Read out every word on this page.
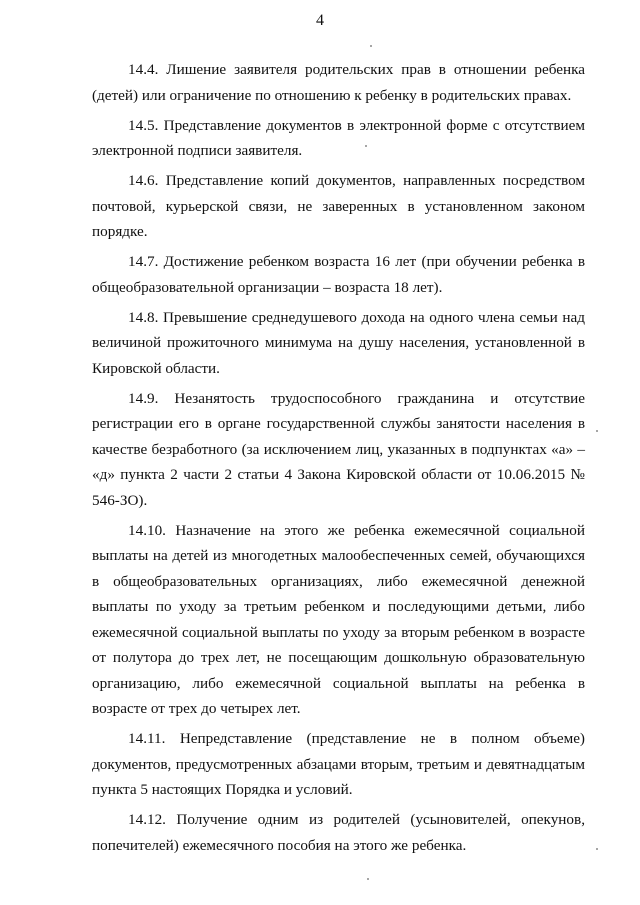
4

14.4. Лишение заявителя родительских прав в отношении ребенка (детей) или ограничение по отношению к ребенку в родительских правах.

14.5. Представление документов в электронной форме с отсутствием электронной подписи заявителя.

14.6. Представление копий документов, направленных посредством почтовой, курьерской связи, не заверенных в установленном законом порядке.

14.7. Достижение ребенком возраста 16 лет (при обучении ребенка в общеобразовательной организации – возраста 18 лет).

14.8. Превышение среднедушевого дохода на одного члена семьи над величиной прожиточного минимума на душу населения, установленной в Кировской области.

14.9. Незанятость трудоспособного гражданина и отсутствие регистрации его в органе государственной службы занятости населения в качестве безработного (за исключением лиц, указанных в подпунктах «а» – «д» пункта 2 части 2 статьи 4 Закона Кировской области от 10.06.2015 № 546-ЗО).

14.10. Назначение на этого же ребенка ежемесячной социальной выплаты на детей из многодетных малообеспеченных семей, обучающихся в общеобразовательных организациях, либо ежемесячной денежной выплаты по уходу за третьим ребенком и последующими детьми, либо ежемесячной социальной выплаты по уходу за вторым ребенком в возрасте от полутора до трех лет, не посещающим дошкольную образовательную организацию, либо ежемесячной социальной выплаты на ребенка в возрасте от трех до четырех лет.

14.11. Непредставление (представление не в полном объеме) документов, предусмотренных абзацами вторым, третьим и девятнадцатым пункта 5 настоящих Порядка и условий.

14.12. Получение одним из родителей (усыновителей, опекунов, попечителей) ежемесячного пособия на этого же ребенка.
